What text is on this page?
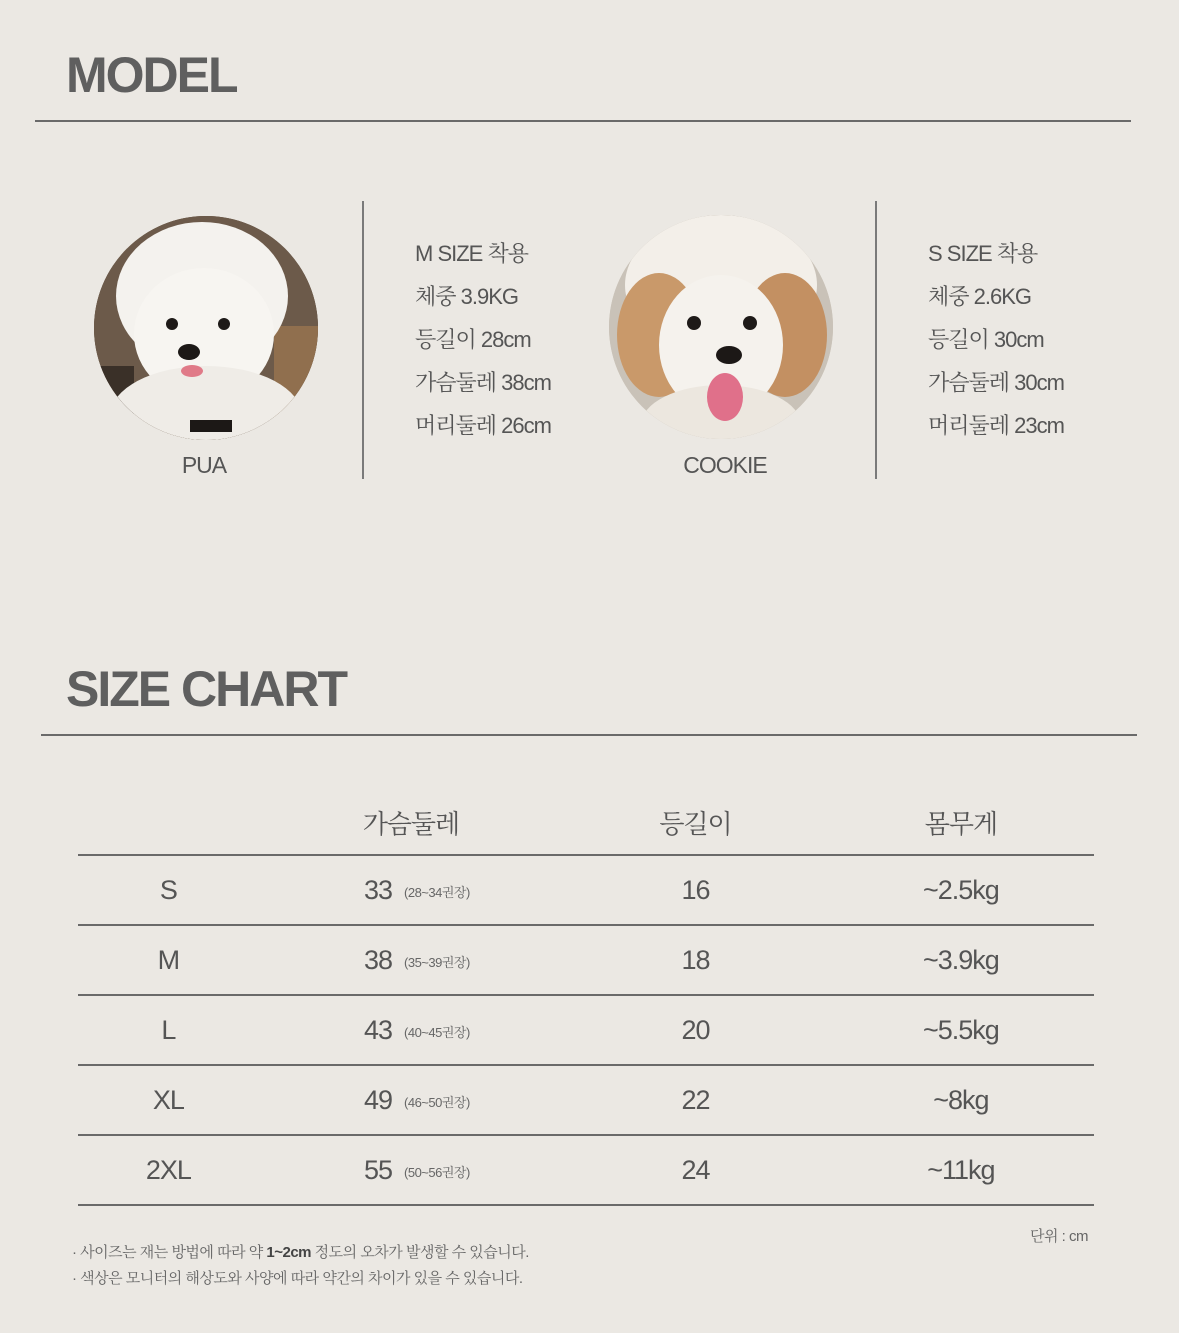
MODEL
PUA
M SIZE 착용
체중 3.9KG
등길이 28cm
가슴둘레 38cm
머리둘레 26cm
COOKIE
S SIZE 착용
체중 2.6KG
등길이 30cm
가슴둘레 30cm
머리둘레 23cm
SIZE CHART
	가슴둘레	등길이	몸무게
S	33 (28~34권장)	16	~2.5kg
M	38 (35~39권장)	18	~3.9kg
L	43 (40~45권장)	20	~5.5kg
XL	49 (46~50권장)	22	~8kg
2XL	55 (50~56권장)	24	~11kg
단위 : cm
· 사이즈는 재는 방법에 따라 약 1~2cm 정도의 오차가 발생할 수 있습니다.
· 색상은 모니터의 해상도와 사양에 따라 약간의 차이가 있을 수 있습니다.
